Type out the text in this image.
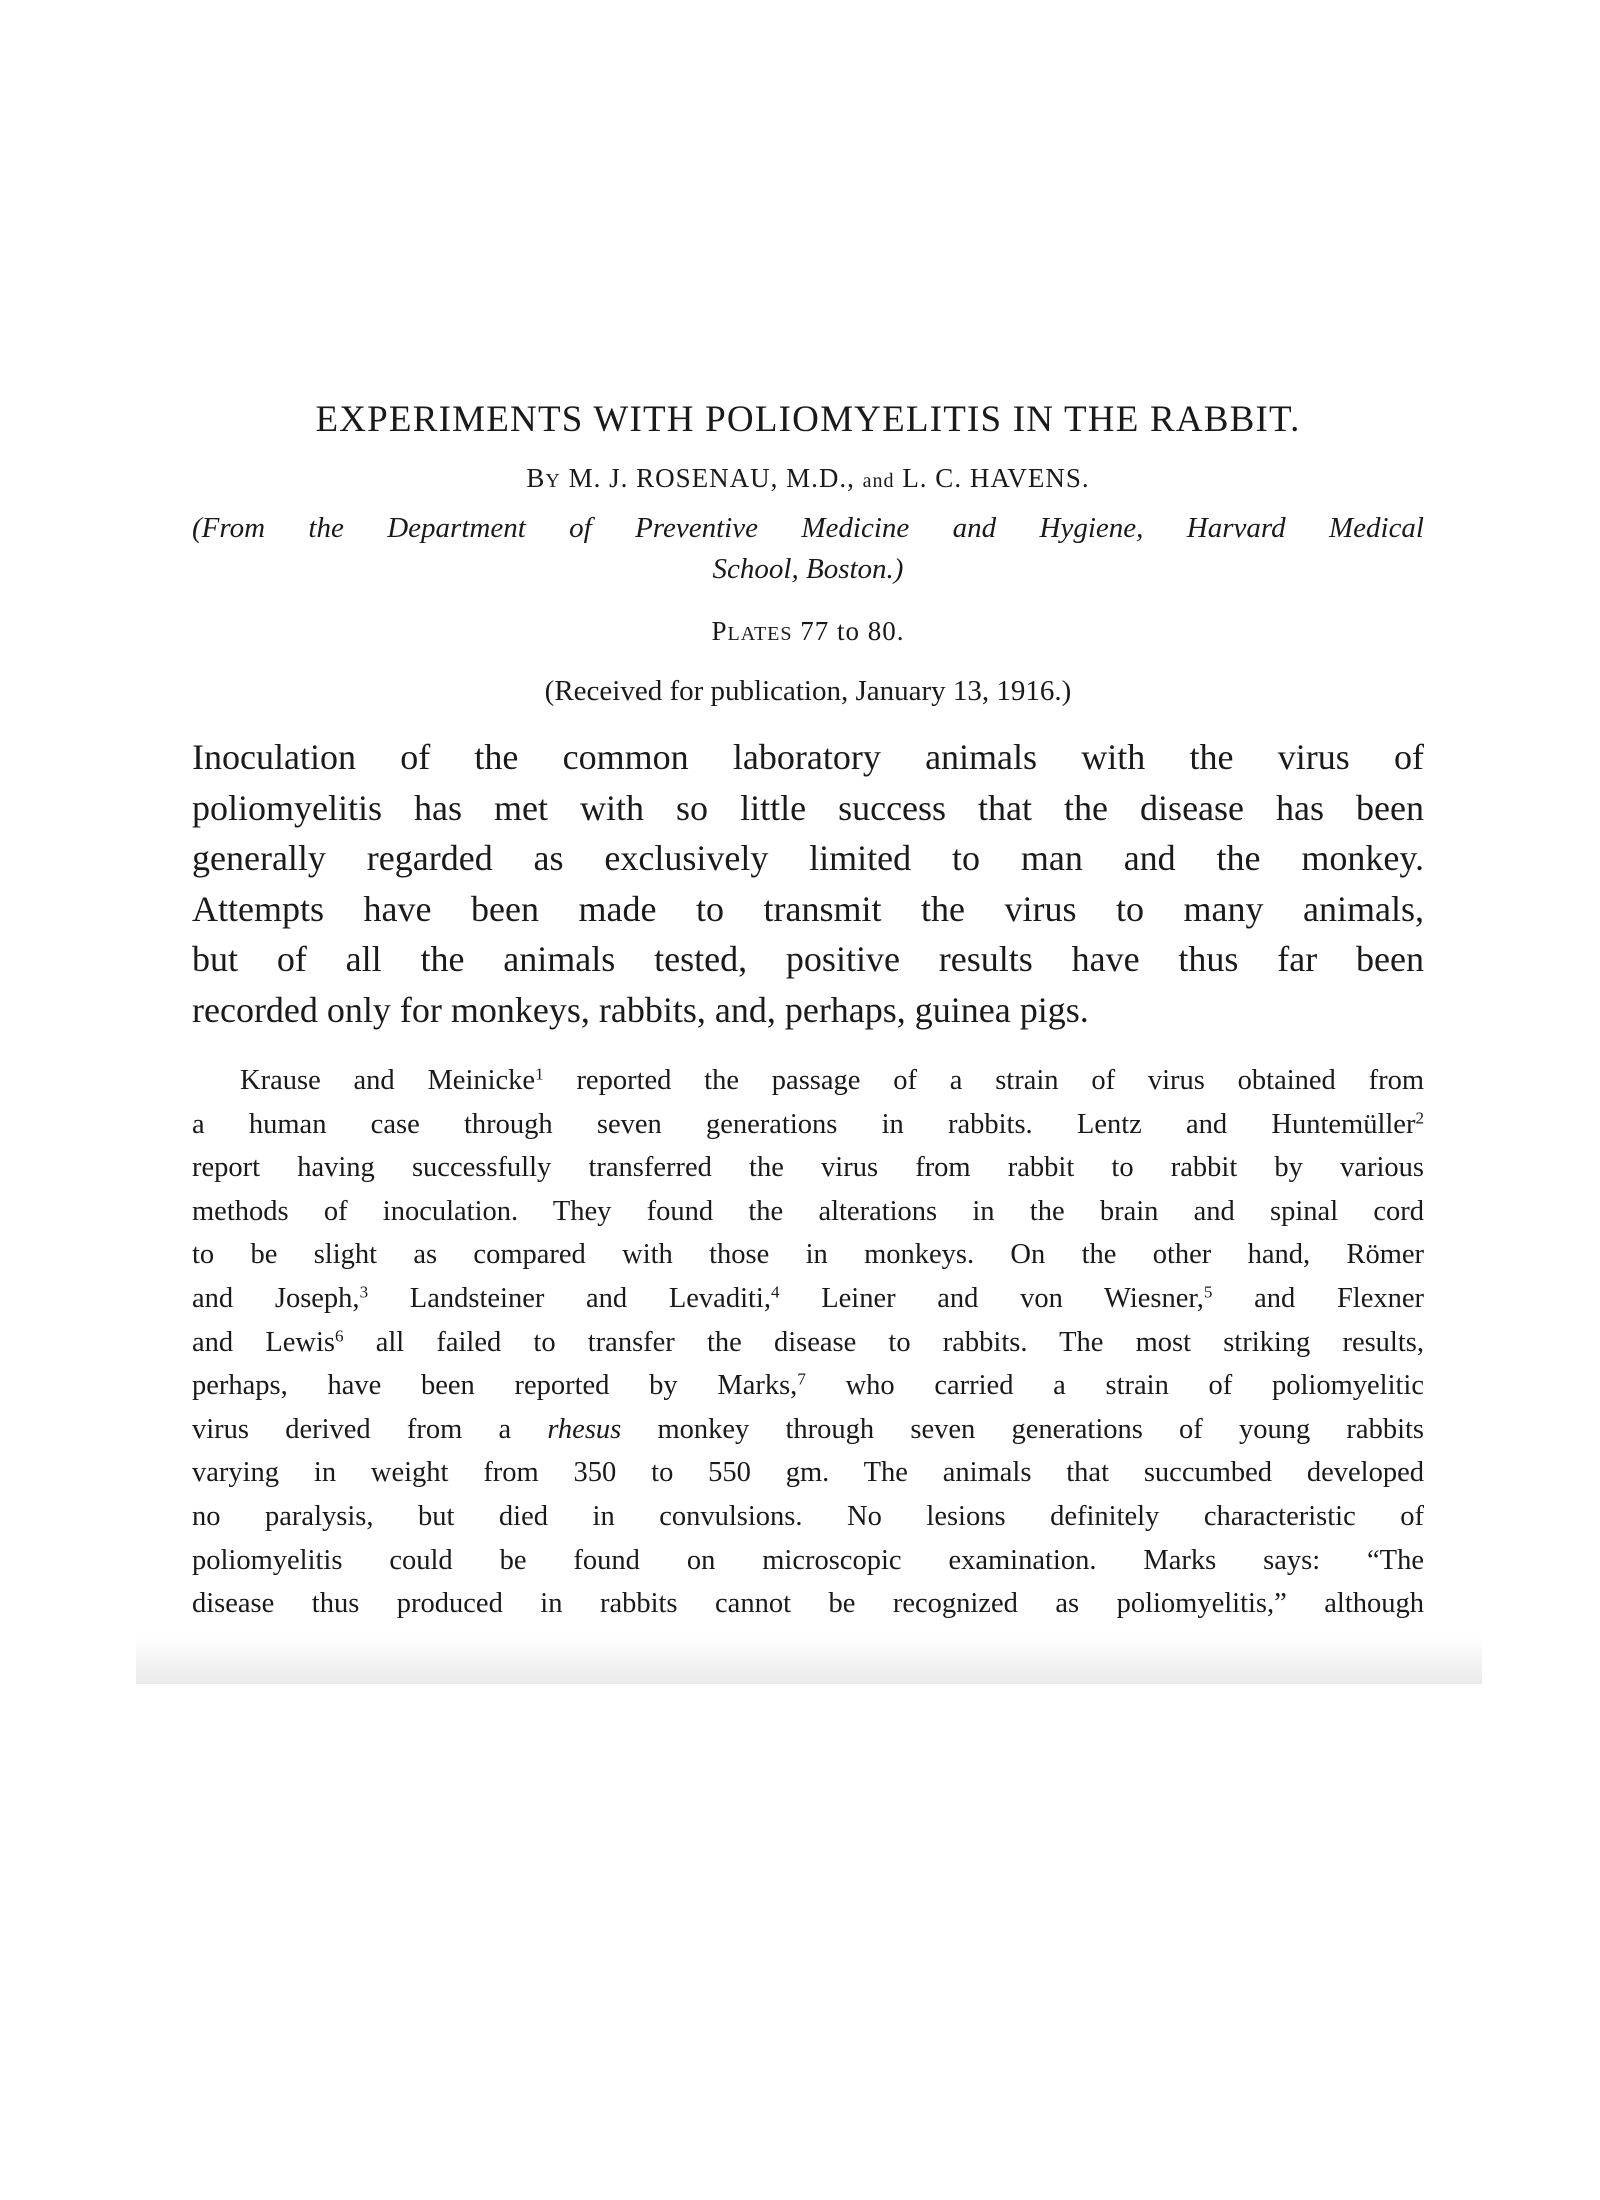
EXPERIMENTS WITH POLIOMYELITIS IN THE RABBIT.
BY M. J. ROSENAU, M.D., and L. C. HAVENS.
(From the Department of Preventive Medicine and Hygiene, Harvard Medical
School, Boston.)
PLATES 77 to 80.
(Received for publication, January 13, 1916.)
Inoculation of the common laboratory animals with the virus of
poliomyelitis has met with so little success that the disease has been
generally regarded as exclusively limited to man and the monkey.
Attempts have been made to transmit the virus to many animals,
but of all the animals tested, positive results have thus far been
recorded only for monkeys, rabbits, and, perhaps, guinea pigs.
Krause and Meinicke$^1$ reported the passage of a strain of virus obtained from
a human case through seven generations in rabbits. Lentz and Huntemüller$^2$
report having successfully transferred the virus from rabbit to rabbit by various
methods of inoculation. They found the alterations in the brain and spinal cord
to be slight as compared with those in monkeys. On the other hand, Römer
and Joseph,$^3$ Landsteiner and Levaditi,$^4$ Leiner and von Wiesner,$^5$ and Flexner
and Lewis$^6$ all failed to transfer the disease to rabbits. The most striking results,
perhaps, have been reported by Marks,$^7$ who carried a strain of poliomyelitic
virus derived from a rhesus monkey through seven generations of young rabbits
varying in weight from 350 to 550 gm. The animals that succumbed developed
no paralysis, but died in convulsions. No lesions definitely characteristic of
poliomyelitis could be found on microscopic examination. Marks says: “The
disease thus produced in rabbits cannot be recognized as poliomyelitis,” although
